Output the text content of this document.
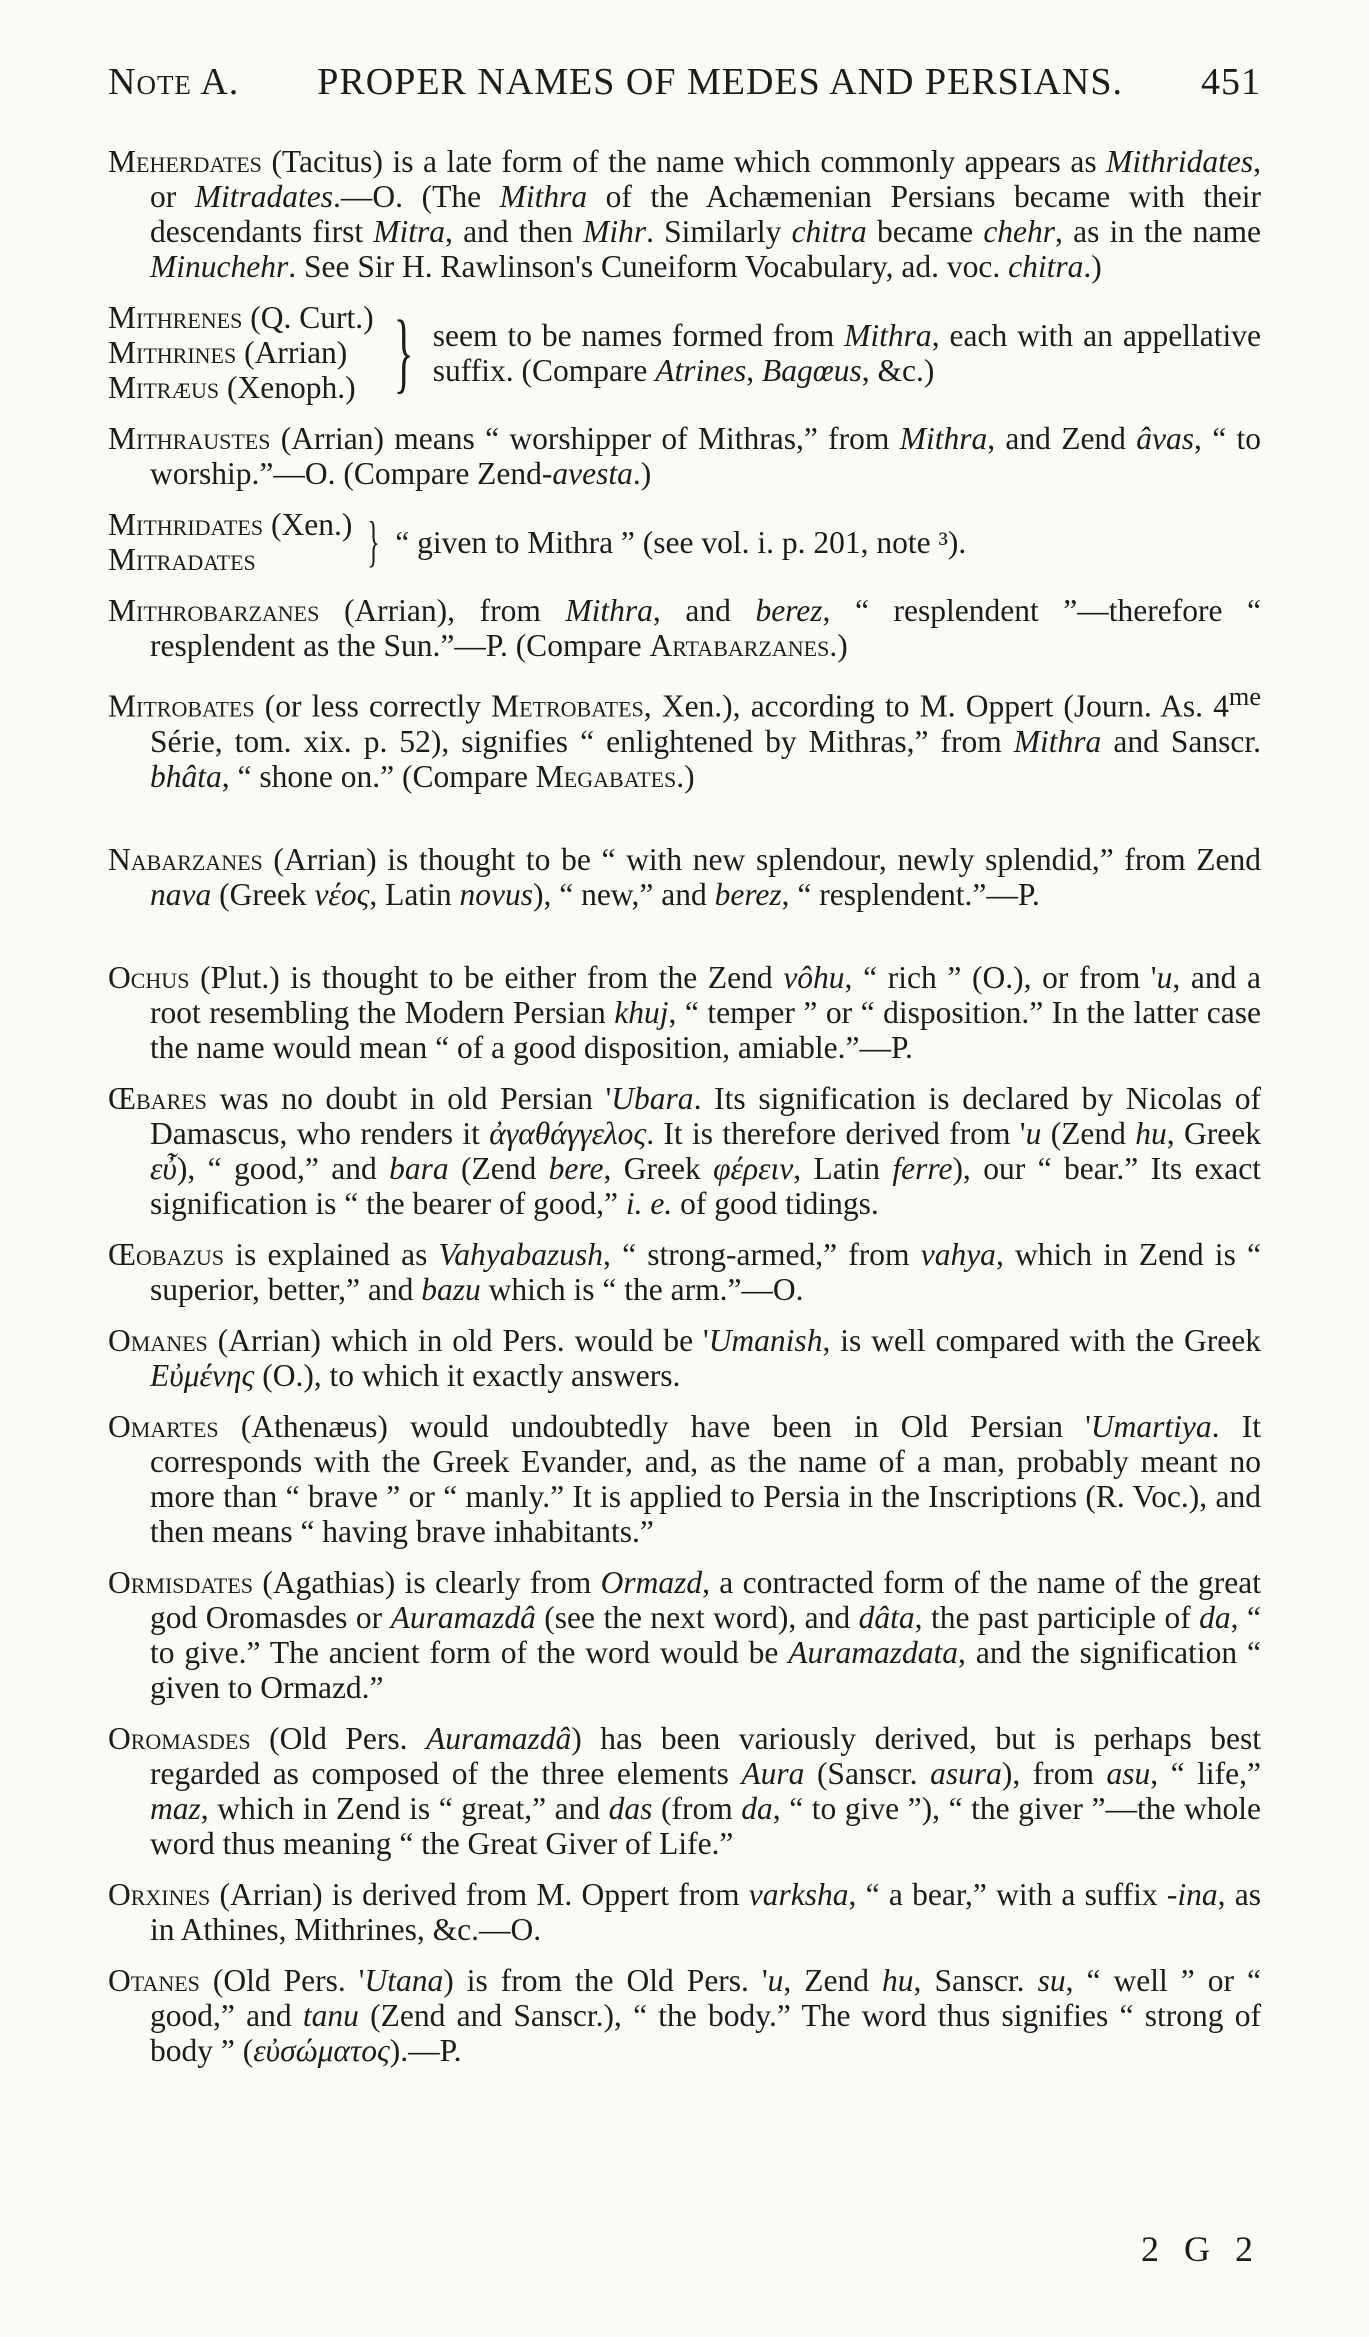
Note A. PROPER NAMES OF MEDES AND PERSIANS. 451

Meherdates (Tacitus) is a late form of the name which commonly appears as Mithridates, or Mitradates.—O. (The Mithra of the Achæmenian Persians became with their descendants first Mitra, and then Mihr. Similarly chitra became chehr, as in the name Minuchehr. See Sir H. Rawlinson's Cuneiform Vocabulary, ad. voc. chitra.)

Mithrenes (Q. Curt.)
Mithrines (Arrian)
Mitræus (Xenoph.) } seem to be names formed from Mithra, each with an appellative suffix. (Compare Atrines, Bagœus, &c.)

Mithraustes (Arrian) means “ worshipper of Mithras,” from Mithra, and Zend âvas, “ to worship.”—O. (Compare Zend-avesta.)

Mithridates (Xen.)
Mitradates	} “ given to Mithra ” (see vol. i. p. 201, note ³).

Mithrobarzanes (Arrian), from Mithra, and berez, “ resplendent ”—therefore “ resplendent as the Sun.”—P. (Compare Artabarzanes.)

Mitrobates (or less correctly Metrobates, Xen.), according to M. Oppert (Journ. As. $4^{me}$ Série, tom. xix. p. 52), signifies “ enlightened by Mithras,” from Mithra and Sanscr. bhâta, “ shone on.” (Compare Megabates.)

Nabarzanes (Arrian) is thought to be “ with new splendour, newly splendid,” from Zend nava (Greek νέος, Latin novus), “ new,” and berez, “ resplendent.”—P.

Ochus (Plut.) is thought to be either from the Zend vôhu, “ rich ” (O.), or from 'u, and a root resembling the Modern Persian khuj, “ temper ” or “ disposition.” In the latter case the name would mean “ of a good disposition, amiable.”—P.

Œbares was no doubt in old Persian 'Ubara. Its signification is declared by Nicolas of Damascus, who renders it ἀγαθάγγελος. It is therefore derived from 'u (Zend hu, Greek εὖ), “ good,” and bara (Zend bere, Greek φέρειν, Latin ferre), our “ bear.” Its exact signification is “ the bearer of good,” i. e. of good tidings.

Œobazus is explained as Vahyabazush, “ strong-armed,” from vahya, which in Zend is “ superior, better,” and bazu which is “ the arm.”—O.

Omanes (Arrian) which in old Pers. would be 'Umanish, is well compared with the Greek Εὐμένης (O.), to which it exactly answers.

Omartes (Athenæus) would undoubtedly have been in Old Persian 'Umartiya. It corresponds with the Greek Evander, and, as the name of a man, probably meant no more than “ brave ” or “ manly.” It is applied to Persia in the Inscriptions (R. Voc.), and then means “ having brave inhabitants.”

Ormisdates (Agathias) is clearly from Ormazd, a contracted form of the name of the great god Oromasdes or Auramazdâ (see the next word), and dâta, the past participle of da, “ to give.” The ancient form of the word would be Auramazdata, and the signification “ given to Ormazd.”

Oromasdes (Old Pers. Auramazdâ) has been variously derived, but is perhaps best regarded as composed of the three elements Aura (Sanscr. asura), from asu, “ life,” maz, which in Zend is “ great,” and das (from da, “ to give ”), “ the giver ”—the whole word thus meaning “ the Great Giver of Life.”

Orxines (Arrian) is derived from M. Oppert from varksha, “ a bear,” with a suffix -ina, as in Athines, Mithrines, &c.—O.

Otanes (Old Pers. 'Utana) is from the Old Pers. 'u, Zend hu, Sanscr. su, “ well ” or “ good,” and tanu (Zend and Sanscr.), “ the body.” The word thus signifies “ strong of body ” (εὐσώματος).—P.

2 G 2
